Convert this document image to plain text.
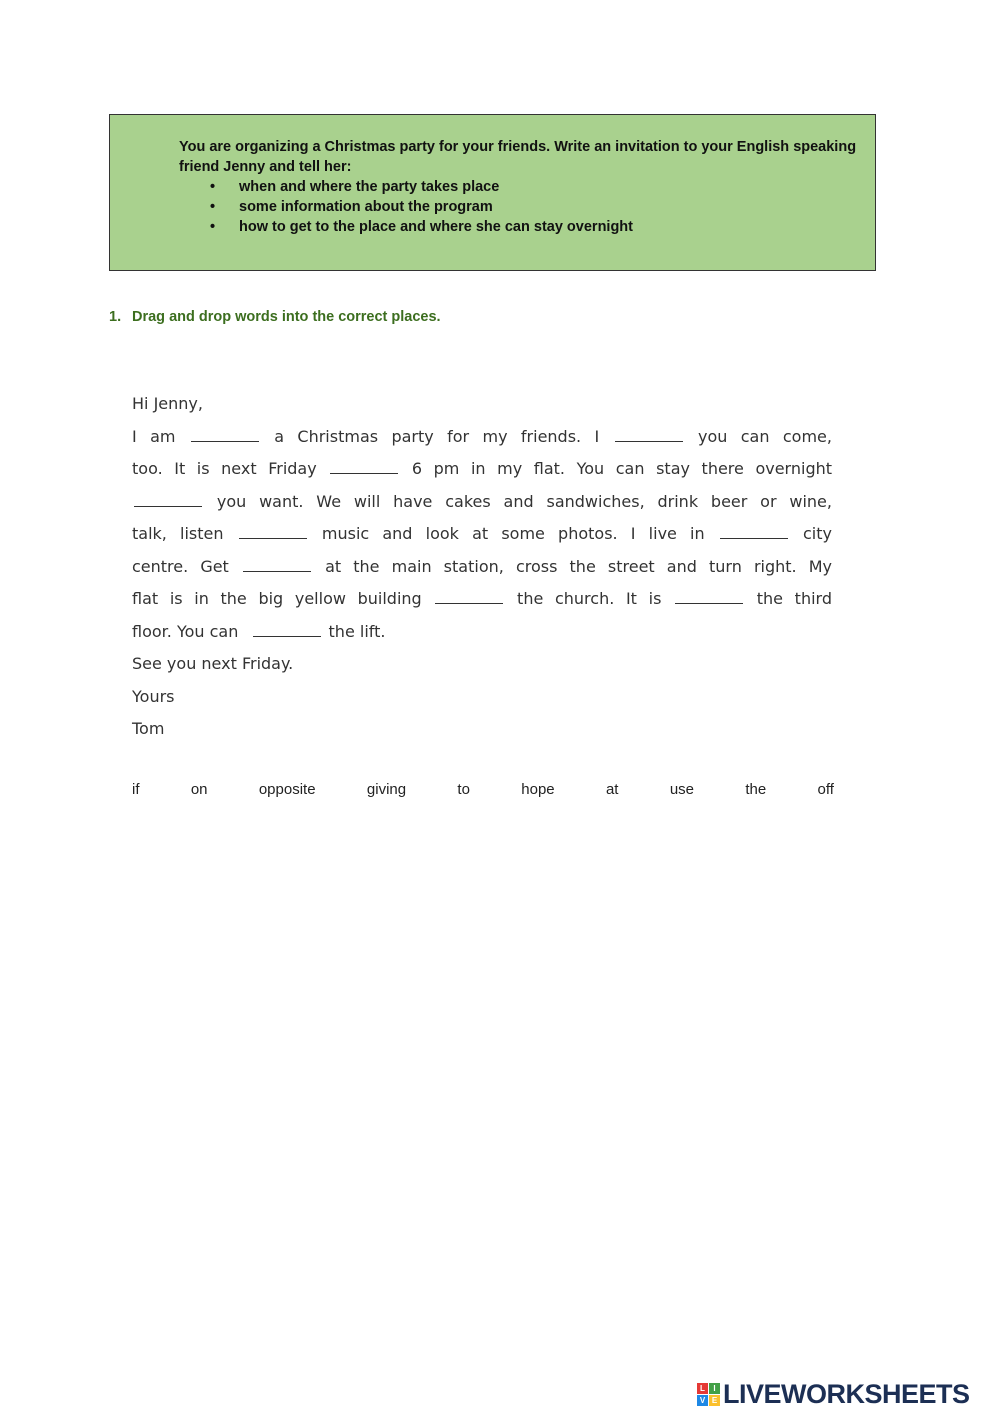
You are organizing a Christmas party for your friends. Write an invitation to your English speaking friend Jenny and tell her:
• when and where the party takes place
• some information about the program
• how to get to the place and where she can stay overnight
1. Drag and drop words into the correct places.
Hi Jenny,
I am	a Christmas party for my friends. I	you can come,
too. It is next Friday	6 pm in my flat. You can stay there overnight
you want. We will have cakes and sandwiches, drink beer or wine,
talk, listen	music and look at some photos. I live in	city
centre. Get	at the main station, cross the street and turn right. My
flat is in the big yellow building	the church. It is	the third
floor. You can	the lift.
See you next Friday.
Yours
Tom
if	on	opposite	giving	to	hope	at	use	the	off
L	I
V E LIVEWORKSHEETS
